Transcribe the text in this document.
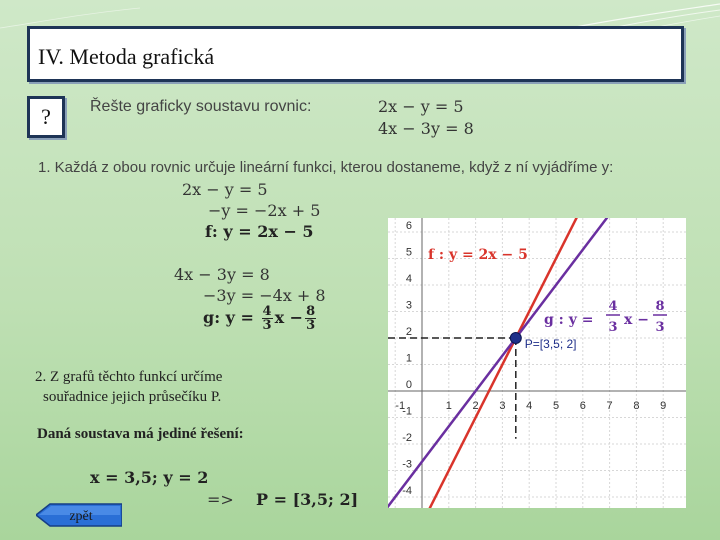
IV. Metoda grafická
?	Řešte graficky soustavu rovnic:	2x − y = 5
4x − 3y = 8
1. Každá z obou rovnic určuje lineární funkci, kterou dostaneme, když z ní vyjádříme y:
2x − y = 5
−y = −2x + 5
f: y = 2x − 5
4x − 3y = 8
−3y = −4x + 8
g: $y = \frac{4}{3}$ $x - \frac{8}{3}$
2. Z grafů těchto funkcí určíme
souřadnice jejich průsečíku P.
Daná soustava má jediné řešení:
x = 3,5; y = 2
=> P = [3,5; 2]
-1	1 2 3 4 5 6 7 8 9
6
5
4
3
2
1
0
-1
-2
-3
-4
P=[3,5; 2]
f : y = 2x − 5
g : y =
4
3 x −
8
3
zpět
